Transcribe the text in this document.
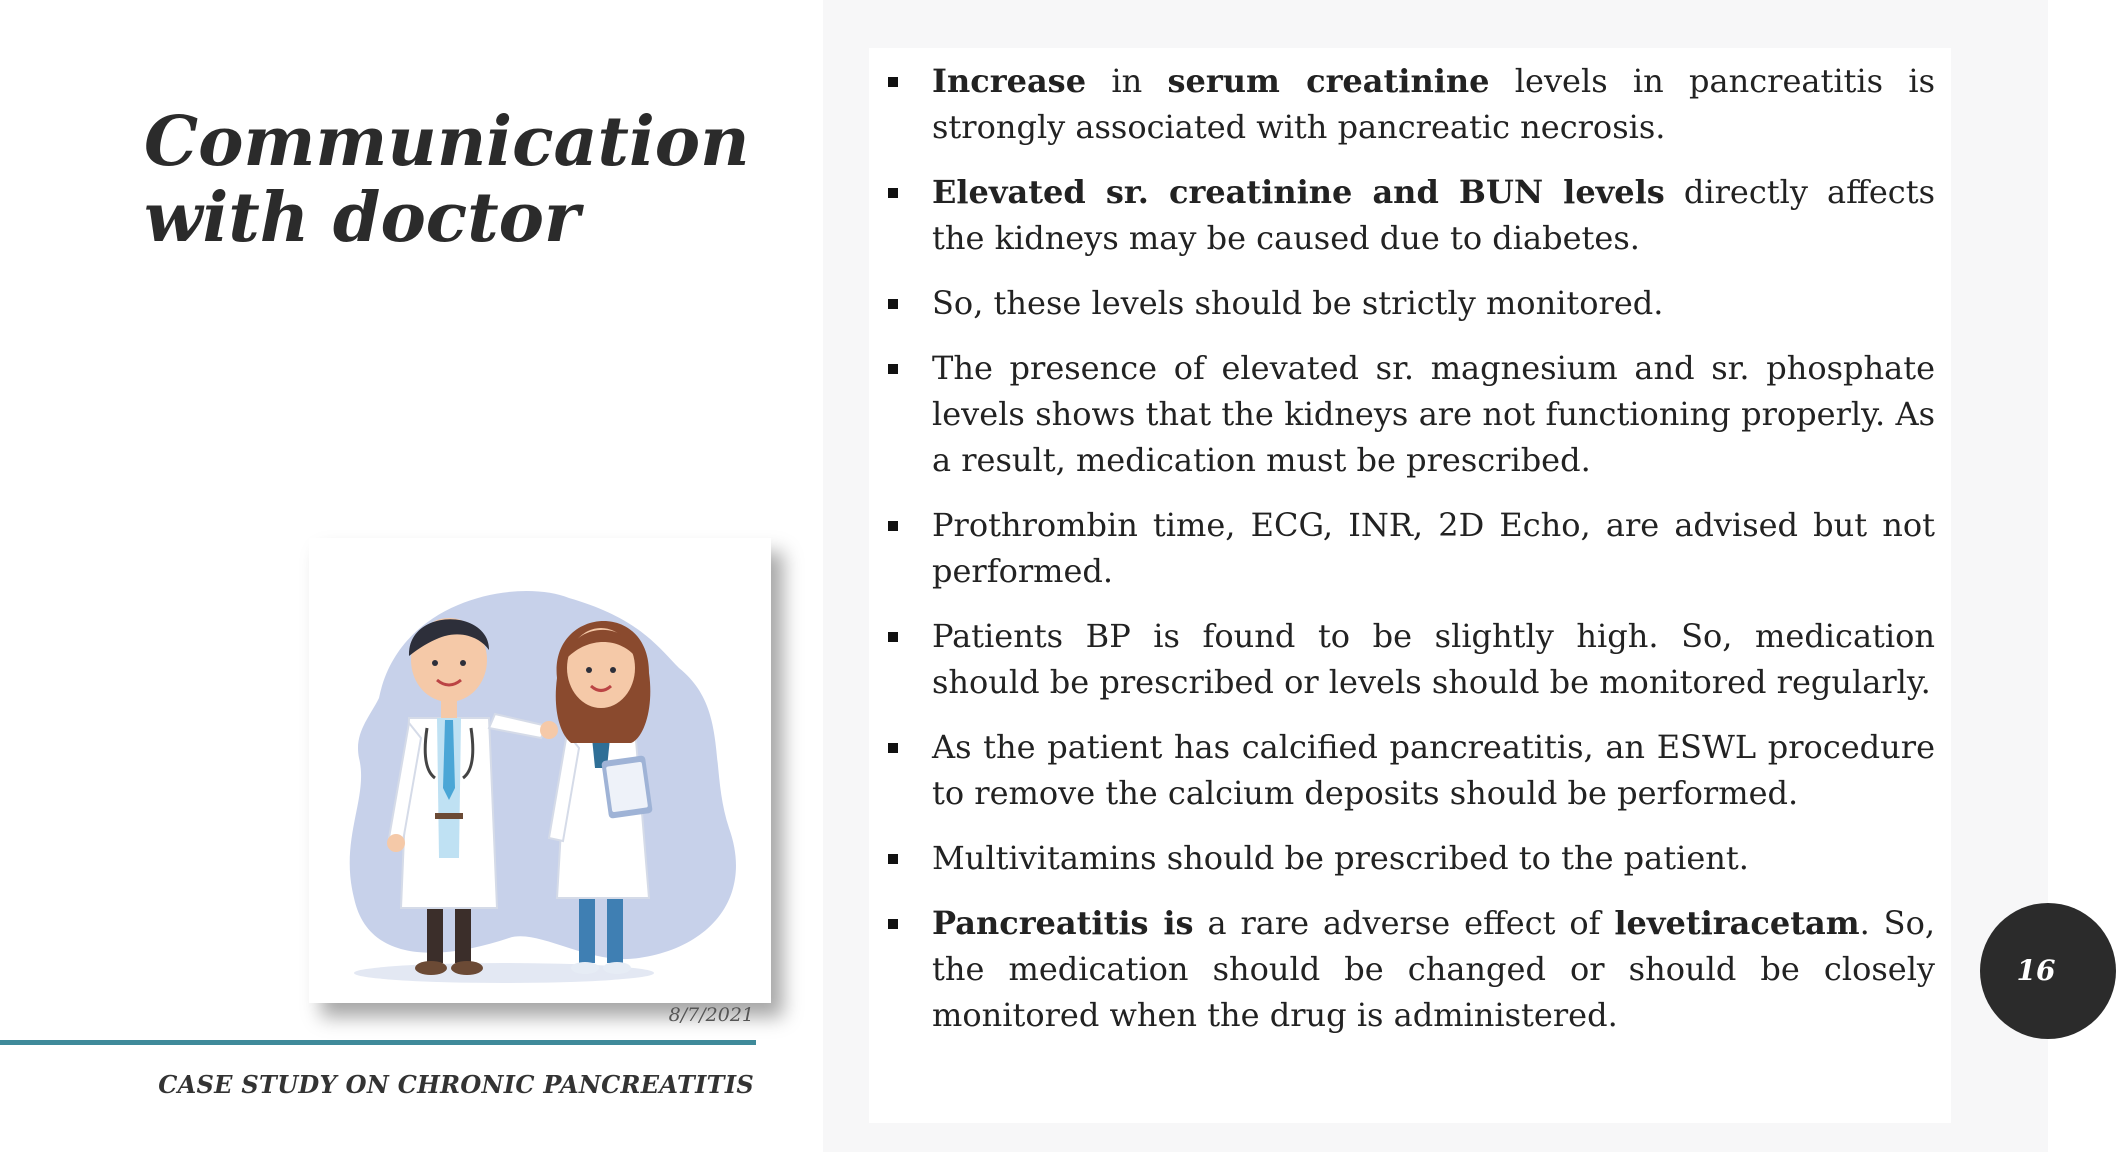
Communication
with doctor
8/7/2021
CASE STUDY ON CHRONIC PANCREATITIS
Increase in serum creatinine levels in pancreatitis is strongly associated with pancreatic necrosis.
Elevated sr. creatinine and BUN levels directly affects the kidneys may be caused due to diabetes.
So, these levels should be strictly monitored.
The presence of elevated sr. magnesium and sr. phosphate levels shows that the kidneys are not functioning properly. As a result, medication must be prescribed.
Prothrombin time, ECG, INR, 2D Echo, are advised but not performed.
Patients BP is found to be slightly high. So, medication should be prescribed or levels should be monitored regularly.
As the patient has calcified pancreatitis, an ESWL procedure to remove the calcium deposits should be performed.
Multivitamins should be prescribed to the patient.
Pancreatitis is a rare adverse effect of levetiracetam. So, the medication should be changed or should be closely monitored when the drug is administered.
16
